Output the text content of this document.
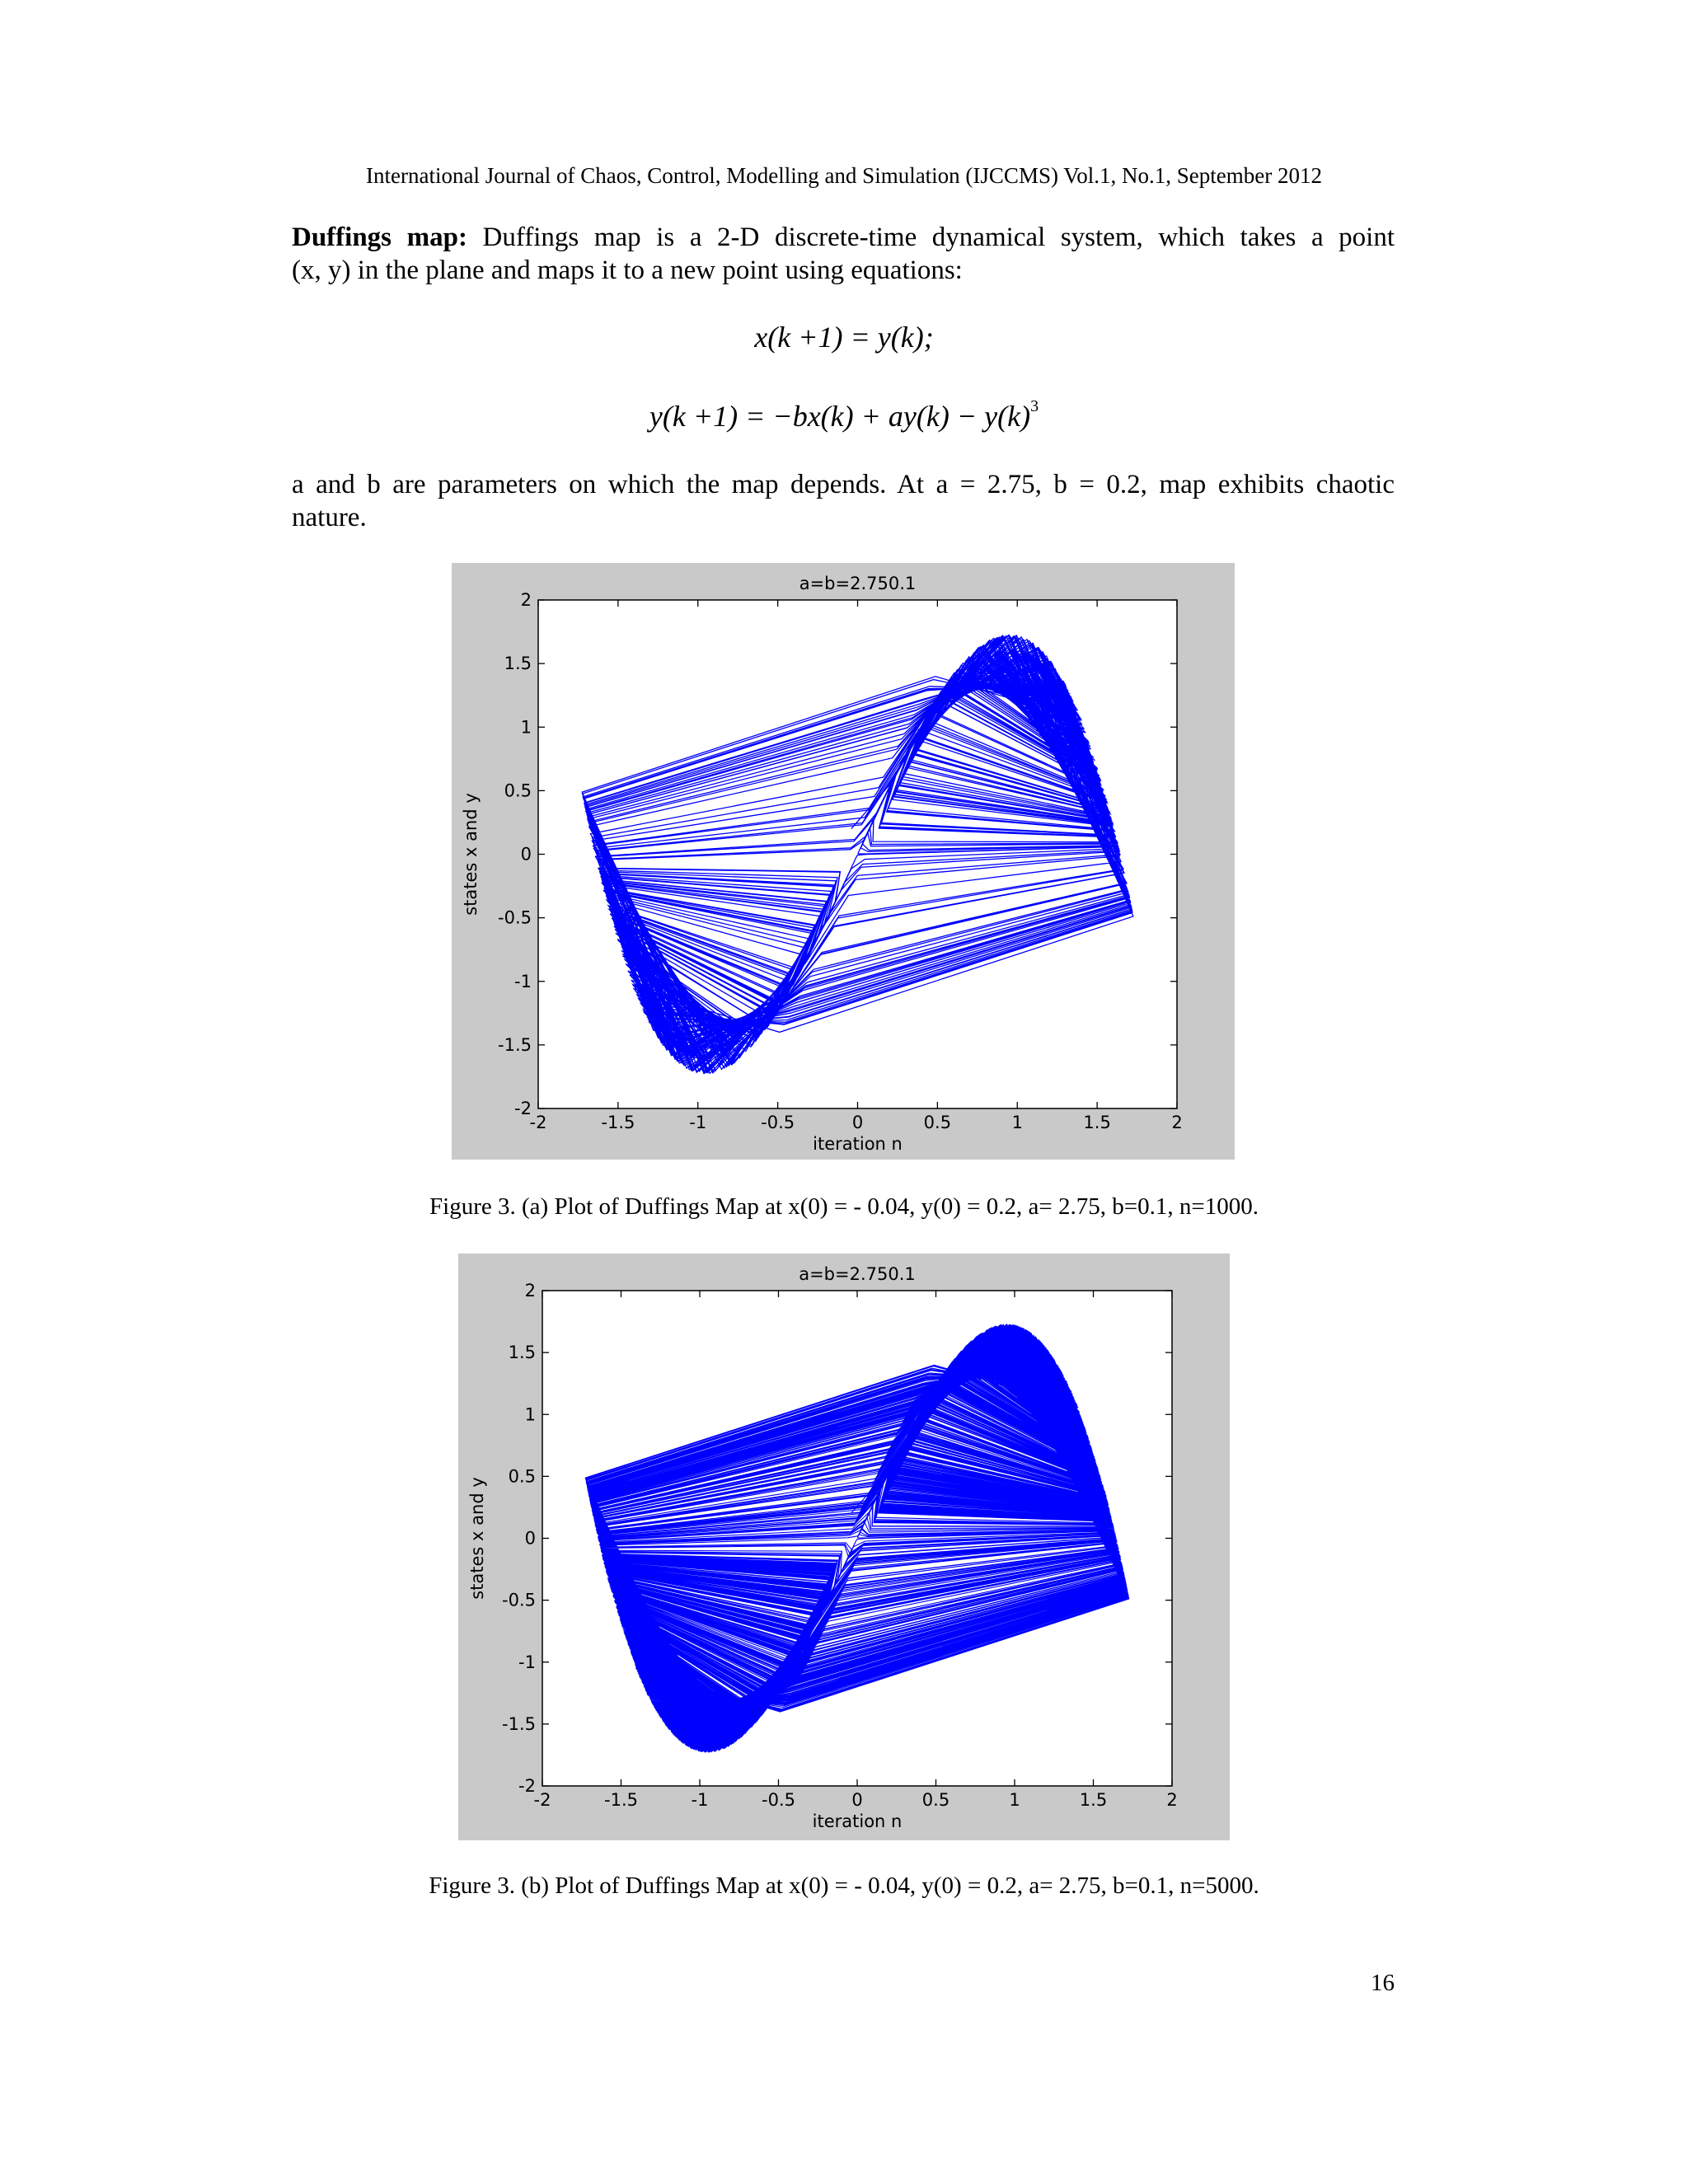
International Journal of Chaos, Control, Modelling and Simulation (IJCCMS) Vol.1, No.1, September 2012
Duffings map: Duffings map is a 2-D discrete-time dynamical system, which takes a point
(x, y) in the plane and maps it to a new point using equations:
x(k +1) = y(k);
$y(k +1) = -bx(k) + ay(k) - y(k)^3$
a and b are parameters on which the map depends. At a = 2.75, b = 0.2, map exhibits chaotic
nature.
-2	-1.5	-1	-0.5	0	0.5	1	1.5	2
2
1.5
1
0.5
0
-0.5
-1
-1.5
-2
a=b=2.750.1
iteration n
states x and y
Figure 3. (a) Plot of Duffings Map at x(0) = - 0.04, y(0) = 0.2, a= 2.75, b=0.1, n=1000.
-2	-1.5	-1	-0.5	0	0.5	1	1.5	2
2
1.5
1
0.5
0
-0.5
-1
-1.5
-2
a=b=2.750.1
iteration n
states x and y
Figure 3. (b) Plot of Duffings Map at x(0) = - 0.04, y(0) = 0.2, a= 2.75, b=0.1, n=5000.
16
